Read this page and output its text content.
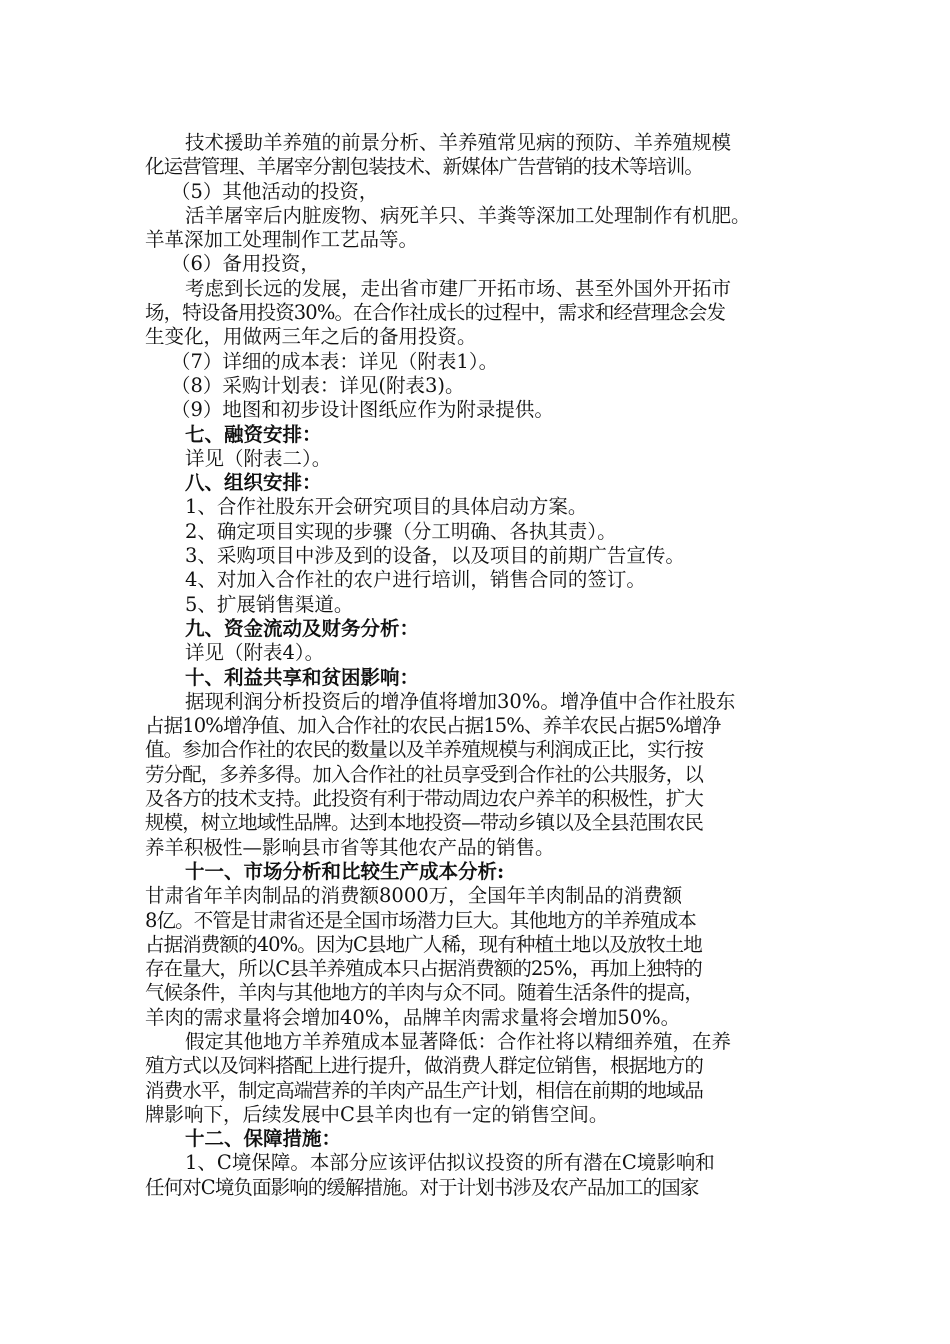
技术援助羊养殖的前景分析、羊养殖常见病的预防、羊养殖规模
化运营管理、羊屠宰分割包装技术、新媒体广告营销的技术等培训。
（5）其他活动的投资，
活羊屠宰后内脏废物、病死羊只、羊粪等深加工处理制作有机肥。
羊革深加工处理制作工艺品等。
（6）备用投资，
考虑到长远的发展，走出省市建厂开拓市场、甚至外国外开拓市
场，特设备用投资30%。在合作社成长的过程中，需求和经营理念会发
生变化，用做两三年之后的备用投资。
（7）详细的成本表：详见（附表1）。
（8）采购计划表：详见(附表3)。
（9）地图和初步设计图纸应作为附录提供。
七、融资安排：
详见（附表二）。
八、组织安排：
1、合作社股东开会研究项目的具体启动方案。
2、确定项目实现的步骤（分工明确、各执其责）。
3、采购项目中涉及到的设备，以及项目的前期广告宣传。
4、对加入合作社的农户进行培训，销售合同的签订。
5、扩展销售渠道。
九、资金流动及财务分析：
详见（附表4）。
十、利益共享和贫困影响：
据现利润分析投资后的增净值将增加30%。增净值中合作社股东
占据10%增净值、加入合作社的农民占据15%、养羊农民占据5%增净
值。参加合作社的农民的数量以及羊养殖规模与利润成正比，实行按
劳分配，多养多得。加入合作社的社员享受到合作社的公共服务，以
及各方的技术支持。此投资有利于带动周边农户养羊的积极性，扩大
规模，树立地域性品牌。达到本地投资—带动乡镇以及全县范围农民
养羊积极性—影响县市省等其他农产品的销售。
十一、市场分析和比较生产成本分析:
甘肃省年羊肉制品的消费额8000万，全国年羊肉制品的消费额
8亿。不管是甘肃省还是全国市场潜力巨大。其他地方的羊养殖成本
占据消费额的40%。因为C县地广人稀，现有种植土地以及放牧土地
存在量大，所以C县羊养殖成本只占据消费额的25%，再加上独特的
气候条件，羊肉与其他地方的羊肉与众不同。随着生活条件的提高，
羊肉的需求量将会增加40%，品牌羊肉需求量将会增加50%。
假定其他地方羊养殖成本显著降低：合作社将以精细养殖，在养
殖方式以及饲料搭配上进行提升，做消费人群定位销售，根据地方的
消费水平，制定高端营养的羊肉产品生产计划，相信在前期的地域品
牌影响下，后续发展中C县羊肉也有一定的销售空间。
十二、保障措施：
1、C境保障。本部分应该评估拟议投资的所有潜在C境影响和
任何对C境负面影响的缓解措施。对于计划书涉及农产品加工的国家
